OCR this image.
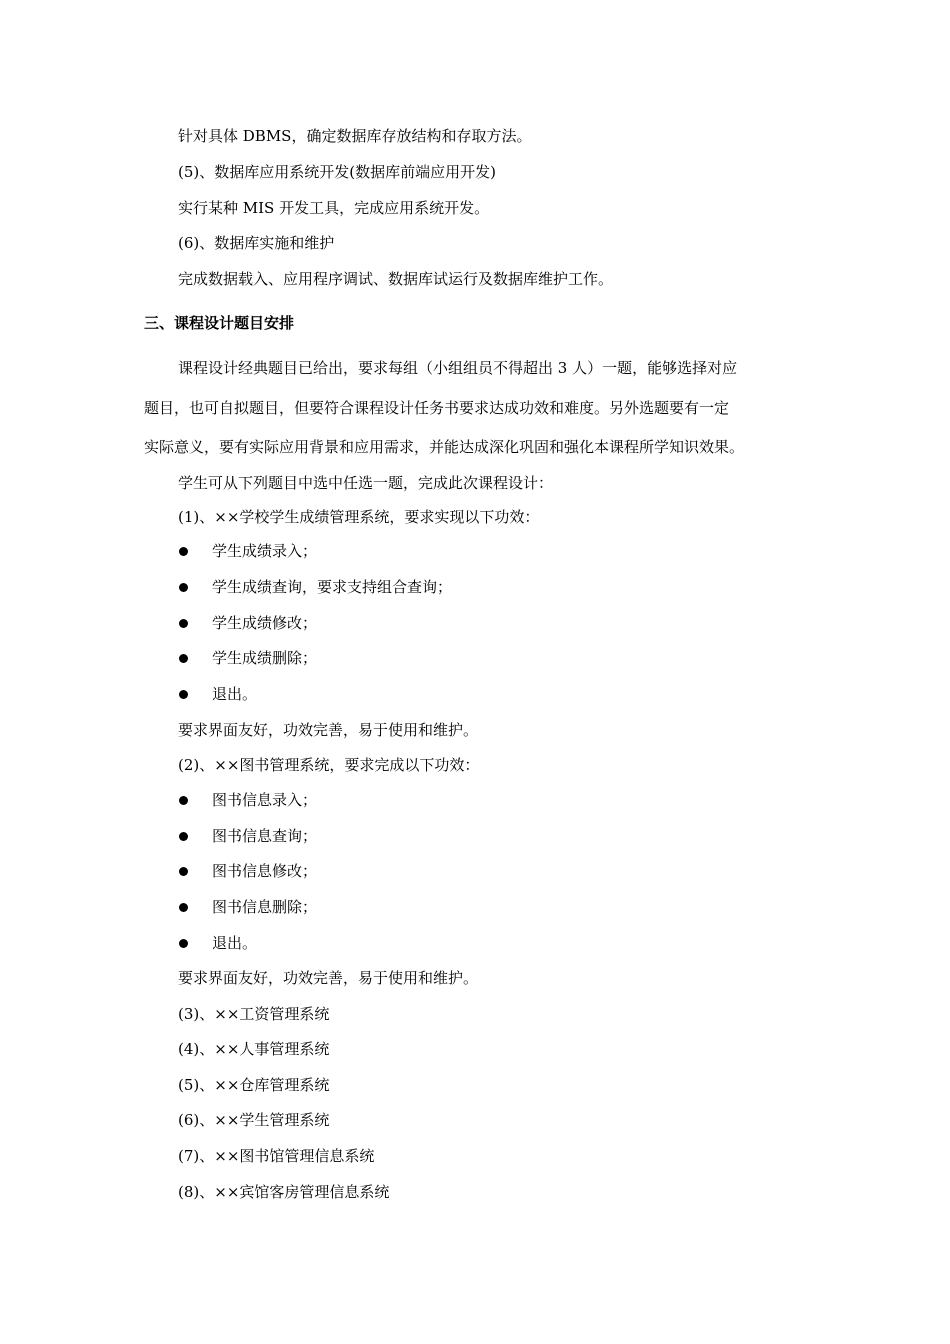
针对具体 DBMS，确定数据库存放结构和存取方法。
(5)、数据库应用系统开发(数据库前端应用开发)
实行某种 MIS 开发工具，完成应用系统开发。
(6)、数据库实施和维护
完成数据载入、应用程序调试、数据库试运行及数据库维护工作。
三、课程设计题目安排
课程设计经典题目已给出，要求每组（小组组员不得超出 3 人）一题，能够选择对应
题目，也可自拟题目，但要符合课程设计任务书要求达成功效和难度。另外选题要有一定
实际意义，要有实际应用背景和应用需求，并能达成深化巩固和强化本课程所学知识效果。
学生可从下列题目中选中任选一题，完成此次课程设计：
(1)、××学校学生成绩管理系统，要求实现以下功效：
学生成绩录入；
学生成绩查询，要求支持组合查询；
学生成绩修改；
学生成绩删除；
退出。
要求界面友好，功效完善，易于使用和维护。
(2)、××图书管理系统，要求完成以下功效：
图书信息录入；
图书信息查询；
图书信息修改；
图书信息删除；
退出。
要求界面友好，功效完善，易于使用和维护。
(3)、××工资管理系统
(4)、××人事管理系统
(5)、××仓库管理系统
(6)、××学生管理系统
(7)、××图书馆管理信息系统
(8)、××宾馆客房管理信息系统
